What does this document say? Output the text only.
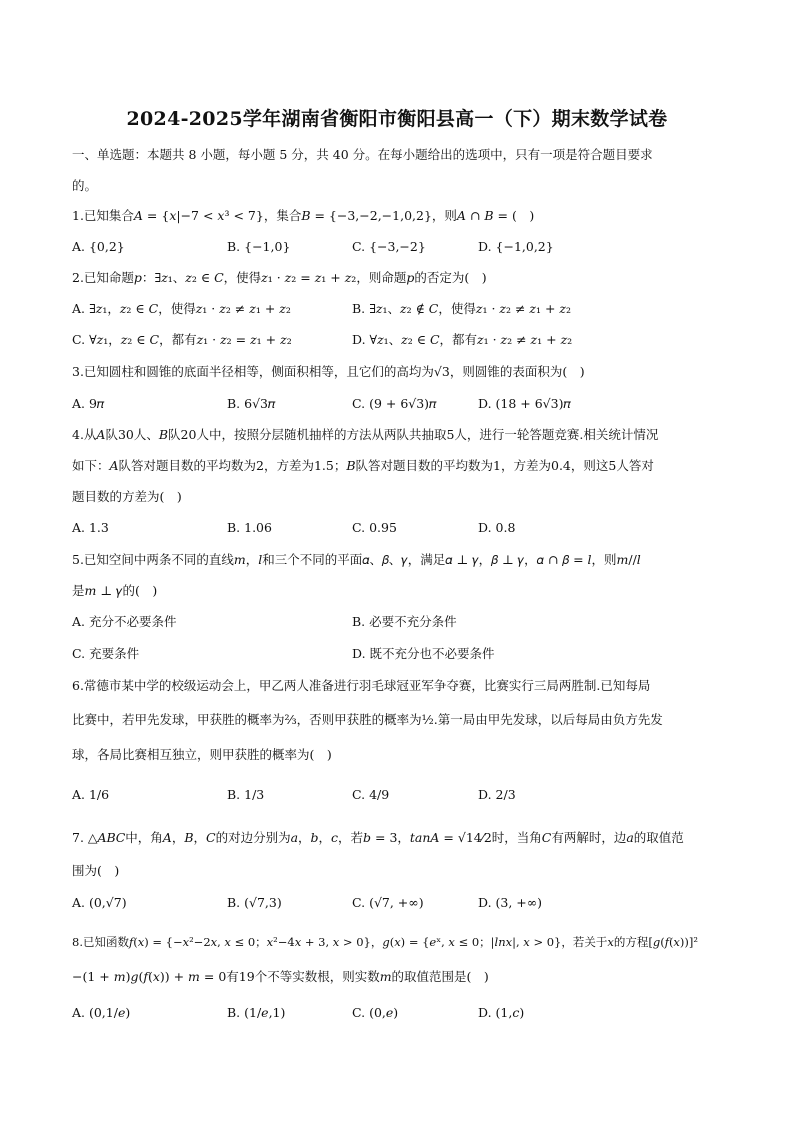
2024-2025学年湖南省衡阳市衡阳县高一（下）期末数学试卷
一、单选题：本题共 8 小题，每小题 5 分，共 40 分。在每小题给出的选项中，只有一项是符合题目要求
的。
1.已知集合𝐴 = {𝑥|−7 < 𝑥³ < 7}，集合𝐵 = {−3,−2,−1,0,2}，则𝐴 ∩ 𝐵 = (　)
A. {0,2}	B. {−1,0}	C. {−3,−2}	D. {−1,0,2}
2.已知命题𝑝：∃𝑧₁、𝑧₂ ∈ 𝐶，使得𝑧₁ · 𝑧₂ = 𝑧₁ + 𝑧₂，则命题𝑝的否定为(　)
A. ∃𝑧₁，𝑧₂ ∈ 𝐶，使得𝑧₁ · 𝑧₂ ≠ 𝑧₁ + 𝑧₂	B. ∃𝑧₁、𝑧₂ ∉ 𝐶，使得𝑧₁ · 𝑧₂ ≠ 𝑧₁ + 𝑧₂
C. ∀𝑧₁，𝑧₂ ∈ 𝐶，都有𝑧₁ · 𝑧₂ = 𝑧₁ + 𝑧₂	D. ∀𝑧₁、𝑧₂ ∈ 𝐶，都有𝑧₁ · 𝑧₂ ≠ 𝑧₁ + 𝑧₂
3.已知圆柱和圆锥的底面半径相等，侧面积相等，且它们的高均为√3，则圆锥的表面积为(　)
A. 9𝜋	B. 6√3𝜋	C. (9 + 6√3)𝜋	D. (18 + 6√3)𝜋
4.从𝐴队30人、𝐵队20人中，按照分层随机抽样的方法从两队共抽取5人，进行一轮答题竞赛.相关统计情况
如下：𝐴队答对题目数的平均数为2，方差为1.5；𝐵队答对题目数的平均数为1，方差为0.4，则这5人答对
题目数的方差为(　)
A. 1.3	B. 1.06	C. 0.95	D. 0.8
5.已知空间中两条不同的直线𝑚，𝑙和三个不同的平面𝛼、𝛽、𝛾，满足𝛼 ⊥ 𝛾，𝛽 ⊥ 𝛾，𝛼 ∩ 𝛽 = 𝑙，则𝑚//𝑙
是𝑚 ⊥ 𝛾的(　)
A. 充分不必要条件	B. 必要不充分条件
C. 充要条件	D. 既不充分也不必要条件
6.常德市某中学的校级运动会上，甲乙两人准备进行羽毛球冠亚军争夺赛，比赛实行三局两胜制.已知每局
比赛中，若甲先发球，甲获胜的概率为²⁄₃，否则甲获胜的概率为¹⁄₂.第一局由甲先发球，以后每局由负方先发
球，各局比赛相互独立，则甲获胜的概率为(　)
A. 1/6	B. 1/3	C. 4/9	D. 2/3
7. △𝐴𝐵𝐶中，角𝐴，𝐵，𝐶的对边分别为𝑎，𝑏，𝑐，若𝑏 = 3，𝑡𝑎𝑛𝐴 = √14⁄2时，当角𝐶有两解时，边𝑎的取值范
围为(　)
A. (0,√7)	B. (√7,3)	C. (√7, +∞)	D. (3, +∞)
8.已知函数𝑓(𝑥) = {−𝑥²−2𝑥, 𝑥 ≤ 0；𝑥²−4𝑥 + 3, 𝑥 > 0}，𝑔(𝑥) = {𝑒ˣ, 𝑥 ≤ 0；|𝑙𝑛𝑥|, 𝑥 > 0}，若关于𝑥的方程[𝑔(𝑓(𝑥))]²
−(1 + 𝑚)𝑔(𝑓(𝑥)) + 𝑚 = 0有19个不等实数根，则实数𝑚的取值范围是(　)
A. (0,1/𝑒)	B. (1/𝑒,1)	C. (0,𝑒)	D. (1,𝑐)
